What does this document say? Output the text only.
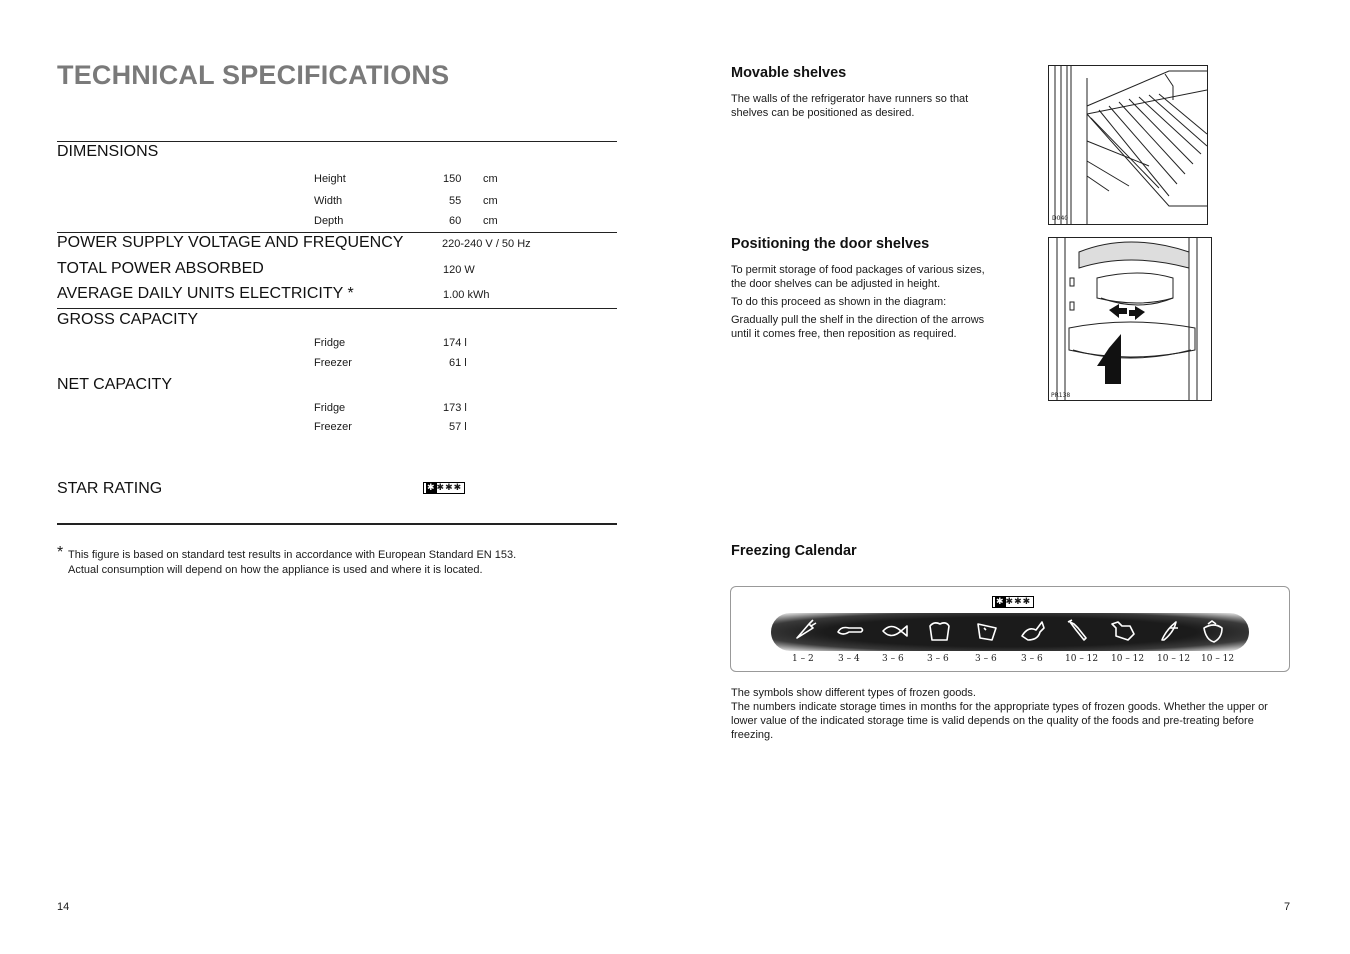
TECHNICAL SPECIFICATIONS
DIMENSIONS
Height	150 cm
Width	55 cm
Depth	60 cm
POWER SUPPLY VOLTAGE AND FREQUENCY	220-240 V / 50 Hz
TOTAL POWER ABSORBED	120 W
AVERAGE DAILY UNITS ELECTRICITY *	1.00 kWh
GROSS CAPACITY
Fridge	174 l
Freezer	61 l
NET CAPACITY
Fridge	173 l
Freezer	57 l
STAR RATING	✱✱✱✱
* This figure is based on standard test results in accordance with European Standard EN 153.
Actual consumption will depend on how the appliance is used and where it is located.
14
Movable shelves
The walls of the refrigerator have runners so that shelves can be positioned as desired.
D040
Positioning the door shelves
To permit storage of food packages of various sizes, the door shelves can be adjusted in height.
To do this proceed as shown in the diagram:
Gradually pull the shelf in the direction of the arrows until it comes free, then reposition as required.
PR138
Freezing Calendar
✱✱✱✱
1 – 2	3 – 4 3 – 6	3 – 6	3 – 6	3 – 6 10 – 12 10 – 12 10 – 12 10 – 12
The symbols show different types of frozen goods.
The numbers indicate storage times in months for the appropriate types of frozen goods. Whether the upper or lower value of the indicated storage time is valid depends on the quality of the foods and pre-treating before freezing.
7
